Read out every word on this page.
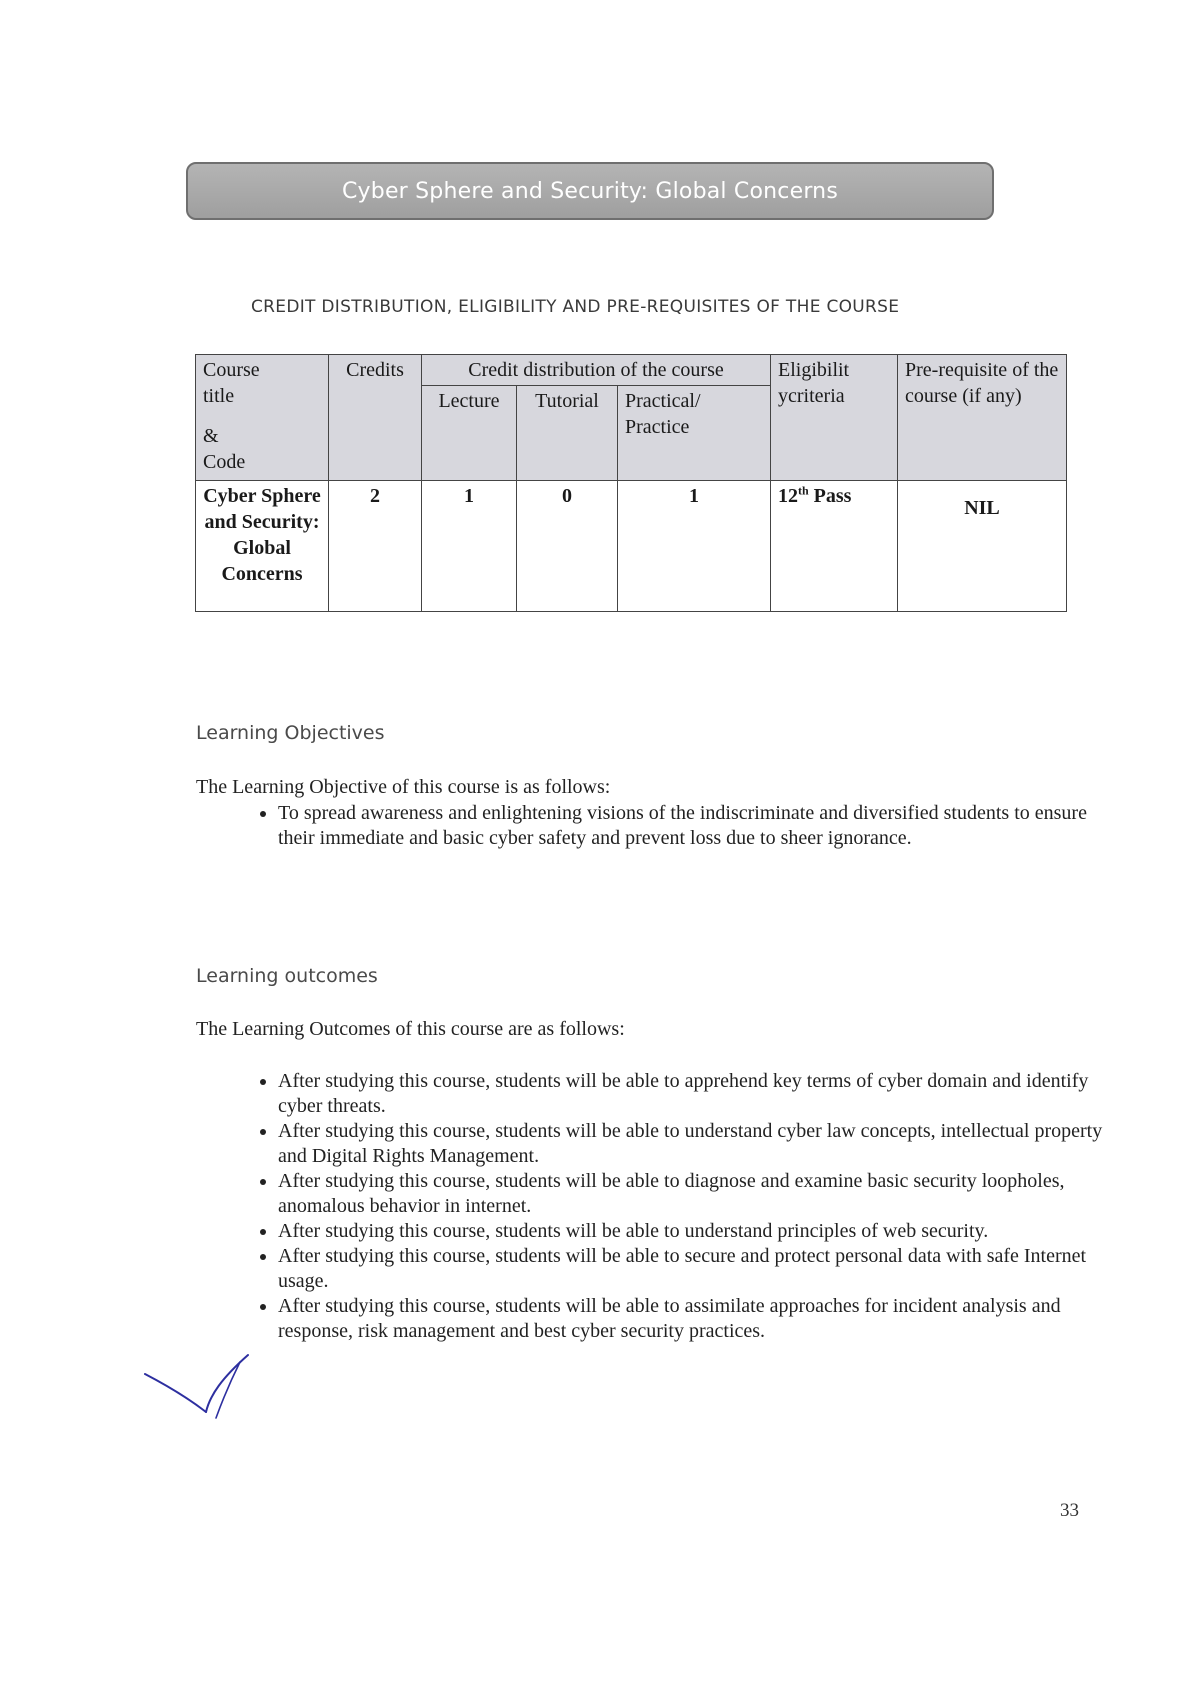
Cyber Sphere and Security: Global Concerns
CREDIT DISTRIBUTION, ELIGIBILITY AND PRE-REQUISITES OF THE COURSE
Course title
&
Code	Credits	Credit distribution of the course			Eligibilit ycriteria	Pre-requisite of the course (if any)
		Lecture	Tutorial	Practical/ Practice		
Cyber Sphere and Security: Global Concerns	2	1	0	1	12th Pass	NIL
Learning Objectives
The Learning Objective of this course is as follows:
• To spread awareness and enlightening visions of the indiscriminate and diversified students to ensure their immediate and basic cyber safety and prevent loss due to sheer ignorance.
Learning outcomes
The Learning Outcomes of this course are as follows:
• After studying this course, students will be able to apprehend key terms of cyber domain and identify cyber threats.
• After studying this course, students will be able to understand cyber law concepts, intellectual property and Digital Rights Management.
• After studying this course, students will be able to diagnose and examine basic security loopholes, anomalous behavior in internet.
• After studying this course, students will be able to understand principles of web security.
• After studying this course, students will be able to secure and protect personal data with safe Internet usage.
• After studying this course, students will be able to assimilate approaches for incident analysis and response, risk management and best cyber security practices.
33
